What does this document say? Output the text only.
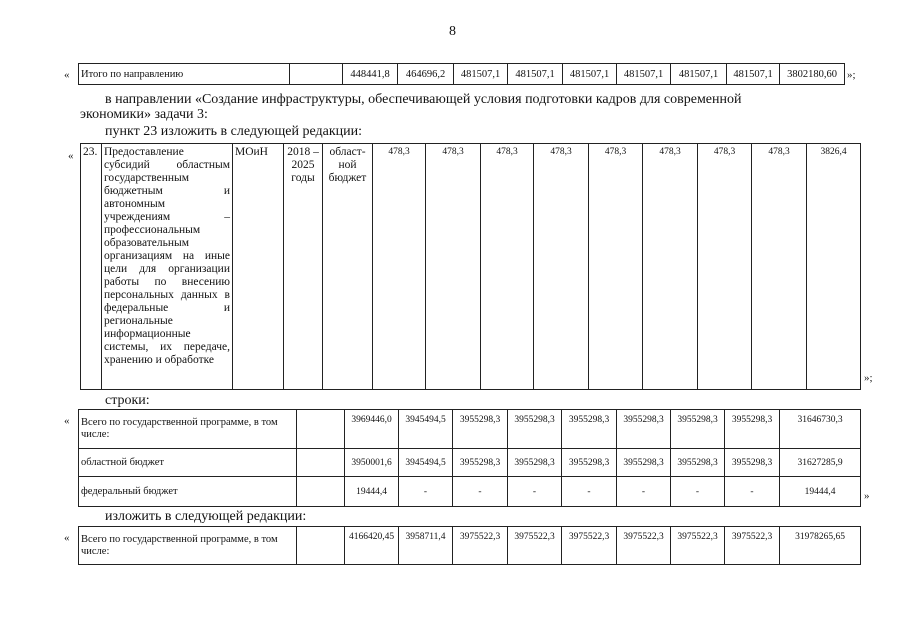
8
« Итого по направлению		448441,8	464696,2	481507,1	481507,1	481507,1	481507,1	481507,1	481507,1	3802180,60 »;
в направлении «Создание инфраструктуры, обеспечивающей условия подготовки кадров для современной
экономики» задачи 3:
пункт 23 изложить в следующей редакции:
« 23.	Предоставление субсидий областным государственным бюджетным и автономным учреждениям – профессиональным образовательным организациям на иные цели для организации работы по внесению персональных данных в федеральные и региональные информационные системы, их передаче, хранению и обработке	МОиН	2018 – 2025 годы	област-ной бюджет	478,3	478,3	478,3	478,3	478,3	478,3	478,3	478,3	3826,4
»;
строки:
« Всего по государственной программе, в том числе:		3969446,0	3945494,5	3955298,3	3955298,3	3955298,3	3955298,3	3955298,3	3955298,3	31646730,3
областной бюджет		3950001,6	3945494,5	3955298,3	3955298,3	3955298,3	3955298,3	3955298,3	3955298,3	31627285,9
федеральный бюджет		19444,4	-	-	-	-	-	-	-	19444,4	»
изложить в следующей редакции:
« Всего по государственной программе, в том числе:		4166420,45	3958711,4	3975522,3	3975522,3	3975522,3	3975522,3	3975522,3	3975522,3	31978265,65
